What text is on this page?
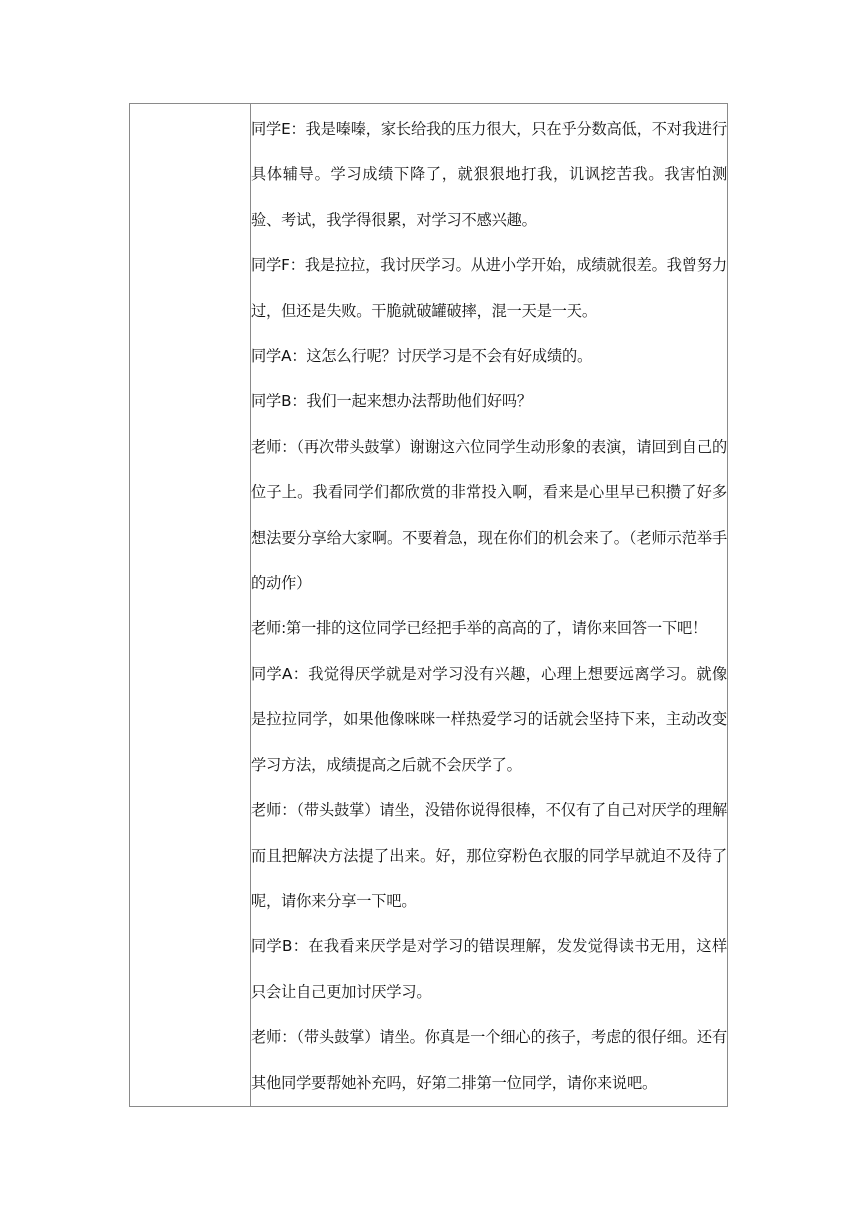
同学E：我是嗪嗪，家长给我的压力很大，只在乎分数高低，不对我进行具体辅导。学习成绩下降了，就狠狠地打我，讥讽挖苦我。我害怕测验、考试，我学得很累，对学习不感兴趣。

同学F：我是拉拉，我讨厌学习。从进小学开始，成绩就很差。我曾努力过，但还是失败。干脆就破罐破摔，混一天是一天。

同学A：这怎么行呢？讨厌学习是不会有好成绩的。

同学B：我们一起来想办法帮助他们好吗？

老师：（再次带头鼓掌）谢谢这六位同学生动形象的表演，请回到自己的位子上。我看同学们都欣赏的非常投入啊，看来是心里早已积攒了好多想法要分享给大家啊。不要着急，现在你们的机会来了。（老师示范举手的动作）

老师:第一排的这位同学已经把手举的高高的了，请你来回答一下吧！

同学A：我觉得厌学就是对学习没有兴趣，心理上想要远离学习。就像是拉拉同学，如果他像咪咪一样热爱学习的话就会坚持下来，主动改变学习方法，成绩提高之后就不会厌学了。

老师：（带头鼓掌）请坐，没错你说得很棒，不仅有了自己对厌学的理解而且把解决方法提了出来。好，那位穿粉色衣服的同学早就迫不及待了呢，请你来分享一下吧。

同学B：在我看来厌学是对学习的错误理解，发发觉得读书无用，这样只会让自己更加讨厌学习。

老师：（带头鼓掌）请坐。你真是一个细心的孩子，考虑的很仔细。还有其他同学要帮她补充吗，好第二排第一位同学，请你来说吧。
